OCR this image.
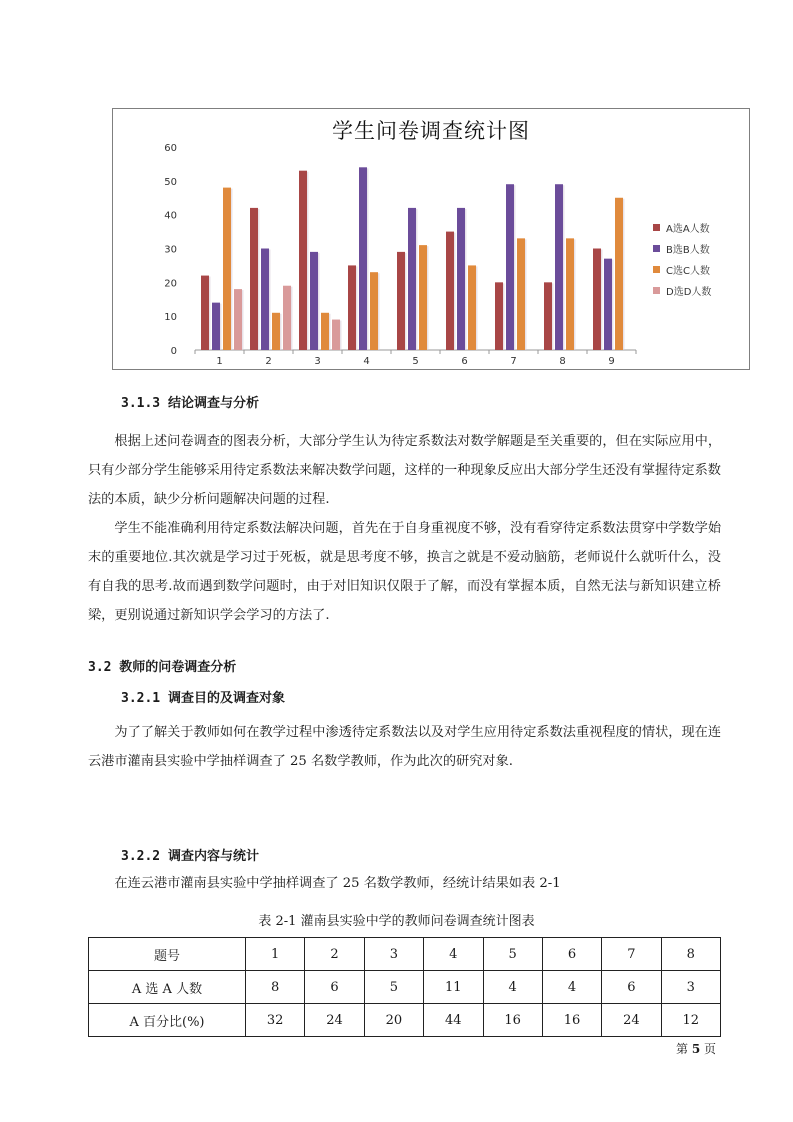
0
10
20
30
40
50
60
1	2	3	4	5	6	7	8	9
学生问卷调查统计图
A选A人数
B选B人数
C选C人数
D选D人数
3.1.3 结论调查与分析

根据上述问卷调查的图表分析，大部分学生认为待定系数法对数学解题是至关重要的，但在实际应用中，只有少部分学生能够采用待定系数法来解决数学问题，这样的一种现象反应出大部分学生还没有掌握待定系数法的本质，缺少分析问题解决问题的过程.

学生不能准确利用待定系数法解决问题，首先在于自身重视度不够，没有看穿待定系数法贯穿中学数学始末的重要地位.其次就是学习过于死板，就是思考度不够，换言之就是不爱动脑筋，老师说什么就听什么，没有自我的思考.故而遇到数学问题时，由于对旧知识仅限于了解，而没有掌握本质，自然无法与新知识建立桥梁，更别说通过新知识学会学习的方法了.

3.2 教师的问卷调查分析
3.2.1 调查目的及调查对象

为了了解关于教师如何在教学过程中渗透待定系数法以及对学生应用待定系数法重视程度的情状，现在连云港市灌南县实验中学抽样调查了 25 名数学教师，作为此次的研究对象.

3.2.2 调查内容与统计

在连云港市灌南县实验中学抽样调查了 25 名数学教师，经统计结果如表 2-1

表 2-1 灌南县实验中学的教师问卷调查统计图表
题号	1	2	3	4	5	6	7	8
A 选 A 人数	8	6	5	11	4	4	6	3
A 百分比(%)	32	24	20	44	16	16	24	12
第 5 页
